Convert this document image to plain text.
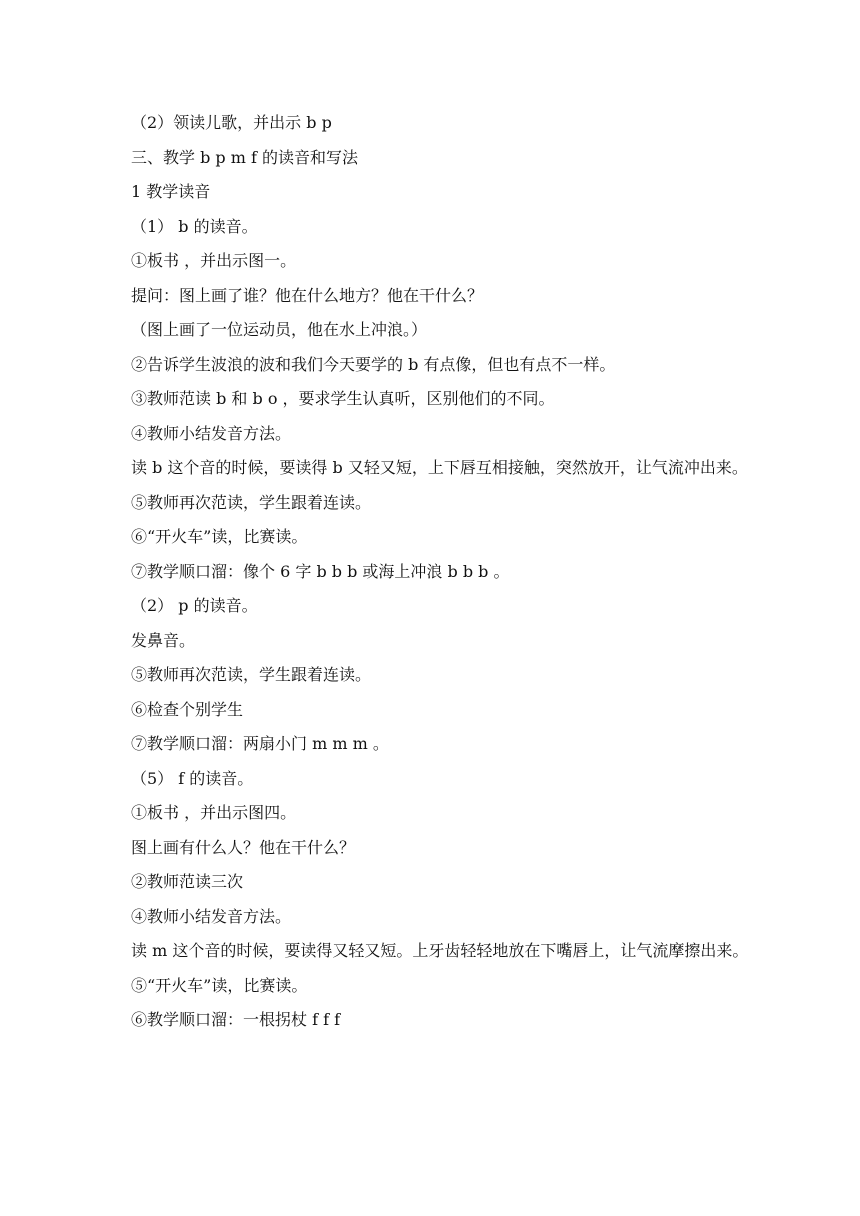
（2）领读儿歌，并出示 b p
三、教学 b p m f 的读音和写法
1 教学读音
（1） b 的读音。
①板书 ，并出示图一。
提问：图上画了谁？他在什么地方？他在干什么？
（图上画了一位运动员，他在水上冲浪。）
②告诉学生波浪的波和我们今天要学的 b 有点像，但也有点不一样。
③教师范读 b 和 b o ，要求学生认真听，区别他们的不同。
④教师小结发音方法。
读 b 这个音的时候，要读得 b 又轻又短，上下唇互相接触，突然放开，让气流冲出来。
⑤教师再次范读，学生跟着连读。
⑥“开火车”读，比赛读。
⑦教学顺口溜：像个 6 字 b b b 或海上冲浪 b b b 。
（2） p 的读音。
发鼻音。
⑤教师再次范读，学生跟着连读。
⑥检查个别学生
⑦教学顺口溜：两扇小门 m m m 。
（5） f 的读音。
①板书 ，并出示图四。
图上画有什么人？他在干什么？
②教师范读三次
④教师小结发音方法。
读 m 这个音的时候，要读得又轻又短。上牙齿轻轻地放在下嘴唇上，让气流摩擦出来。
⑤“开火车”读，比赛读。
⑥教学顺口溜：一根拐杖 f f f
